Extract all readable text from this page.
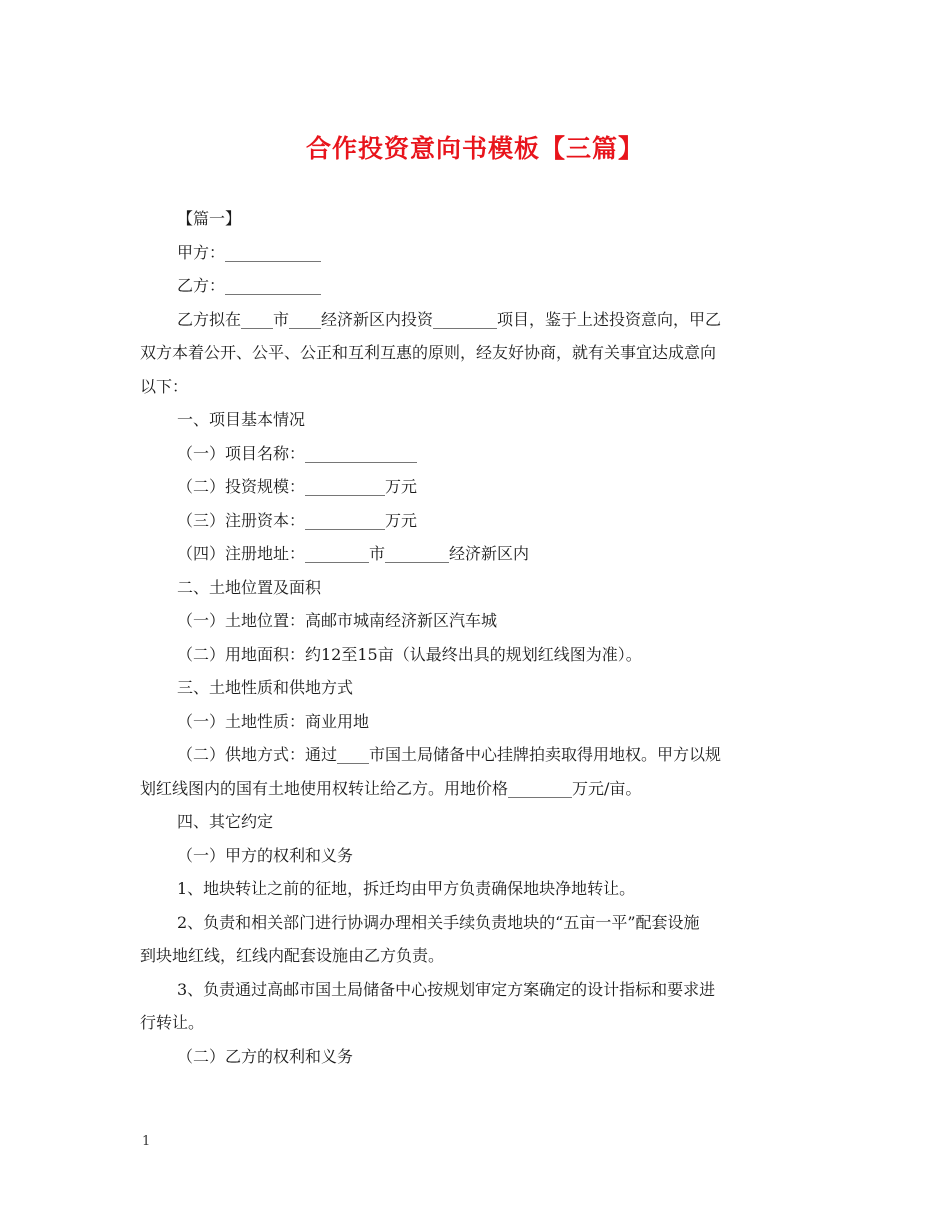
合作投资意向书模板【三篇】
【篇一】
甲方：____________
乙方：____________
乙方拟在____市____经济新区内投资________项目，鉴于上述投资意向，甲乙
双方本着公开、公平、公正和互利互惠的原则，经友好协商，就有关事宜达成意向
以下：
一、项目基本情况
（一）项目名称：______________
（二）投资规模：__________万元
（三）注册资本：__________万元
（四）注册地址：________市________经济新区内
二、土地位置及面积
（一）土地位置：高邮市城南经济新区汽车城
（二）用地面积：约12至15亩（认最终出具的规划红线图为准）。
三、土地性质和供地方式
（一）土地性质：商业用地
（二）供地方式：通过____市国土局储备中心挂牌拍卖取得用地权。甲方以规
划红线图内的国有土地使用权转让给乙方。用地价格________万元/亩。
四、其它约定
（一）甲方的权利和义务
1、地块转让之前的征地，拆迁均由甲方负责确保地块净地转让。
2、负责和相关部门进行协调办理相关手续负责地块的“五亩一平”配套设施
到块地红线，红线内配套设施由乙方负责。
3、负责通过高邮市国土局储备中心按规划审定方案确定的设计指标和要求进
行转让。
（二）乙方的权利和义务
1
